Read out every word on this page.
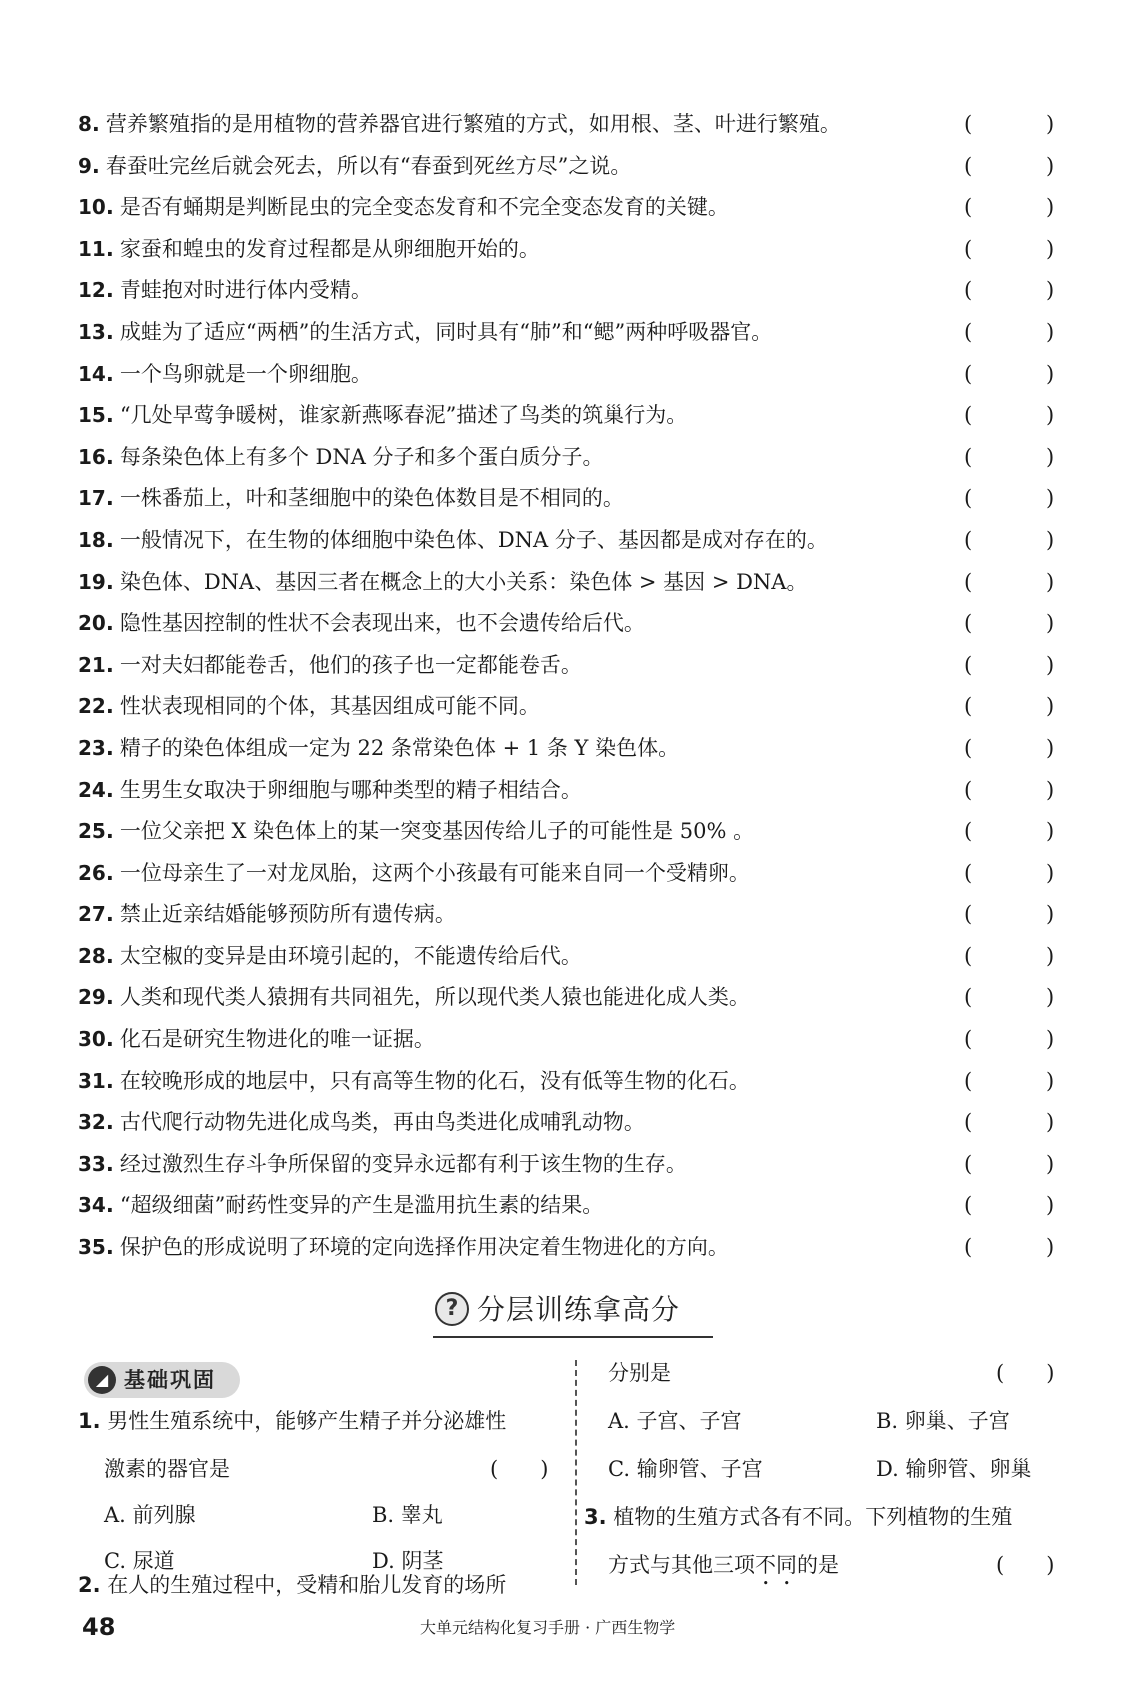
8. 营养繁殖指的是用植物的营养器官进行繁殖的方式，如用根、茎、叶进行繁殖。	(	)
9. 春蚕吐完丝后就会死去，所以有“春蚕到死丝方尽”之说。	(	)
10. 是否有蛹期是判断昆虫的完全变态发育和不完全变态发育的关键。	(	)
11. 家蚕和蝗虫的发育过程都是从卵细胞开始的。	(	)
12. 青蛙抱对时进行体内受精。	(	)
13. 成蛙为了适应“两栖”的生活方式，同时具有“肺”和“鳃”两种呼吸器官。	(	)
14. 一个鸟卵就是一个卵细胞。	(	)
15. “几处早莺争暖树，谁家新燕啄春泥”描述了鸟类的筑巢行为。	(	)
16. 每条染色体上有多个 DNA 分子和多个蛋白质分子。	(	)
17. 一株番茄上，叶和茎细胞中的染色体数目是不相同的。	(	)
18. 一般情况下，在生物的体细胞中染色体、DNA 分子、基因都是成对存在的。	(	)
19. 染色体、DNA、基因三者在概念上的大小关系：染色体 > 基因 > DNA。	(	)
20. 隐性基因控制的性状不会表现出来，也不会遗传给后代。	(	)
21. 一对夫妇都能卷舌，他们的孩子也一定都能卷舌。	(	)
22. 性状表现相同的个体，其基因组成可能不同。	(	)
23. 精子的染色体组成一定为 22 条常染色体 + 1 条 Y 染色体。	(	)
24. 生男生女取决于卵细胞与哪种类型的精子相结合。	(	)
25. 一位父亲把 X 染色体上的某一突变基因传给儿子的可能性是 50% 。	(	)
26. 一位母亲生了一对龙凤胎，这两个小孩最有可能来自同一个受精卵。	(	)
27. 禁止近亲结婚能够预防所有遗传病。	(	)
28. 太空椒的变异是由环境引起的，不能遗传给后代。	(	)
29. 人类和现代类人猿拥有共同祖先，所以现代类人猿也能进化成人类。	(	)
30. 化石是研究生物进化的唯一证据。	(	)
31. 在较晚形成的地层中，只有高等生物的化石，没有低等生物的化石。	(	)
32. 古代爬行动物先进化成鸟类，再由鸟类进化成哺乳动物。	(	)
33. 经过激烈生存斗争所保留的变异永远都有利于该生物的生存。	(	)
34. “超级细菌”耐药性变异的产生是滥用抗生素的结果。	(	)
35. 保护色的形成说明了环境的定向选择作用决定着生物进化的方向。	(	)
? 分层训练拿高分
◢ 基础巩固
1. 男性生殖系统中，能够产生精子并分泌雄性
激素的器官是	(　　)
A. 前列腺	B. 睾丸
C. 尿道	D. 阴茎
2. 在人的生殖过程中，受精和胎儿发育的场所
分别是	(　　)
A. 子宫、子宫	B. 卵巢、子宫
C. 输卵管、子宫	D. 输卵管、卵巢
3. 植物的生殖方式各有不同。下列植物的生殖
方式与其他三项不同的是	(　　)
48	大单元结构化复习手册 · 广西生物学
